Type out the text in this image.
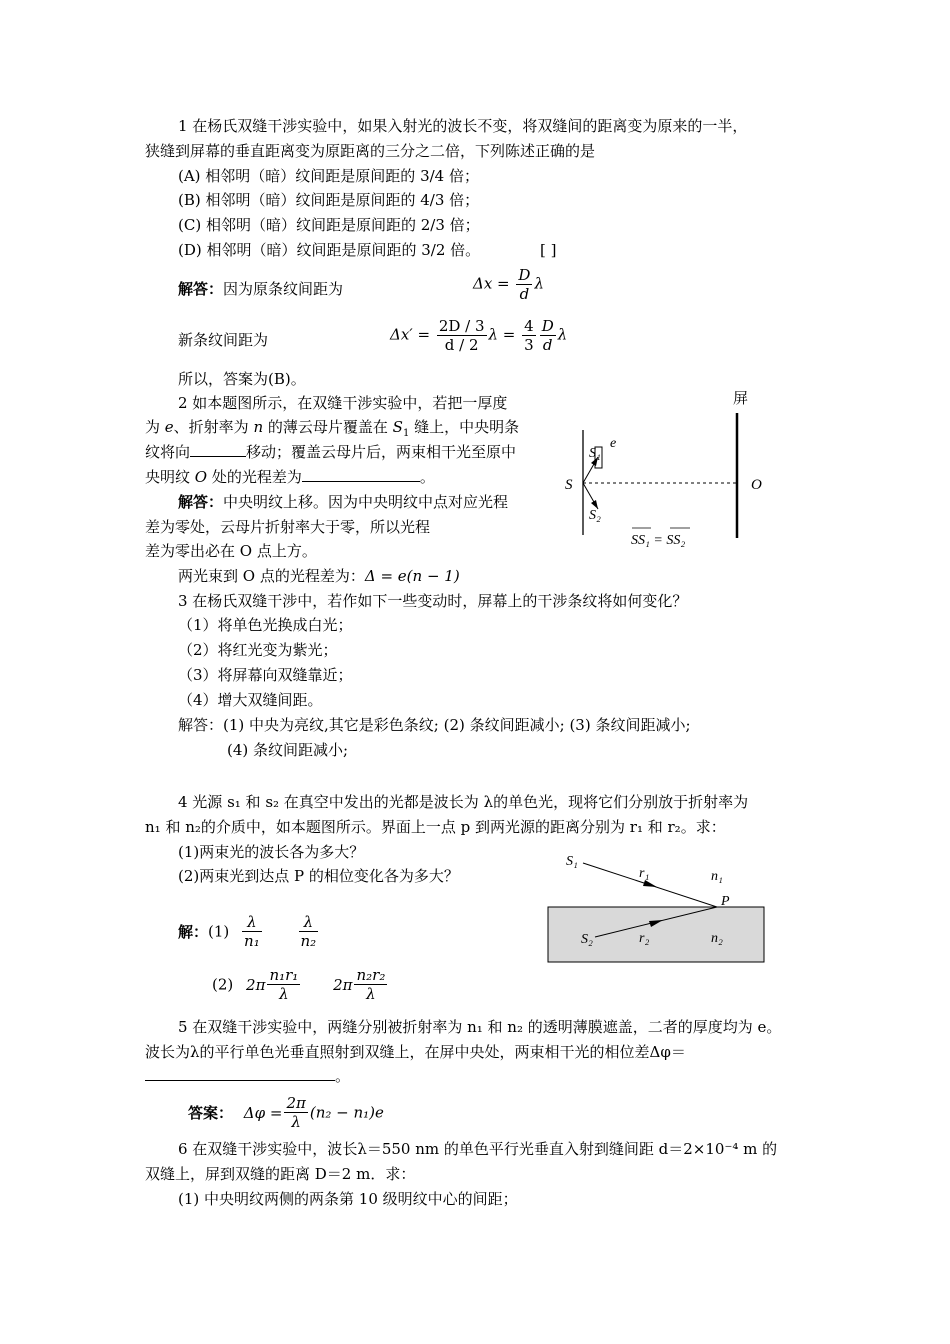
1 在杨氏双缝干涉实验中，如果入射光的波长不变，将双缝间的距离变为原来的一半，
狭缝到屏幕的垂直距离变为原距离的三分之二倍，下列陈述正确的是
(A) 相邻明（暗）纹间距是原间距的 3/4 倍；
(B) 相邻明（暗）纹间距是原间距的 4/3 倍；
(C) 相邻明（暗）纹间距是原间距的 2/3 倍；
(D) 相邻明（暗）纹间距是原间距的 3/2 倍。	[ ]
解答：因为原条纹间距为	$\Delta x = \frac{D}{d}$ λ
新条纹间距为	$\Delta x' = \frac{2D / 3}{d / 2}$ $\lambda = \frac{4}{3} \frac{D}{d}$ λ
所以，答案为(B)。
2 如本题图所示，在双缝干涉实验中，若把一厚度
为 e、折射率为 n 的薄云母片覆盖在 $S_1$ 缝上，中央明条
纹将向	移动；覆盖云母片后，两束相干光至原中
央明纹 O 处的光程差为	。
解答：中央明纹上移。因为中央明纹中点对应光程
差为零处，云母片折射率大于零，所以光程
差为零出必在 O 点上方。
两光束到 O 点的光程差为：Δ = e(n − 1)
屏
S
S₁
e
S₂
O
SS₁ = SS₂
3 在杨氏双缝干涉中，若作如下一些变动时，屏幕上的干涉条纹将如何变化？
（1）将单色光换成白光；
（2）将红光变为紫光；
（3）将屏幕向双缝靠近；
（4）增大双缝间距。
解答：(1) 中央为亮纹,其它是彩色条纹; (2) 条纹间距减小; (3) 条纹间距减小;
(4) 条纹间距减小;
4 光源 s₁ 和 s₂ 在真空中发出的光都是波长为 λ的单色光，现将它们分别放于折射率为
n₁ 和 n₂的介质中，如本题图所示。界面上一点 p 到两光源的距离分别为 r₁ 和 r₂。求：
(1)两束光的波长各为多大？
(2)两束光到达点 P 的相位变化各为多大？
解：$(1) \frac{\lambda}{\text{n₁}}$
$\frac{\lambda}{\text{n₂}}$
(2) $2\pi \frac{\text{n₁r₁}}{\lambda} 2\pi \frac{\text{n₂r₂}}{\lambda}$
S₁
r₁	n₁
P
S₂	r₂	n₂
5 在双缝干涉实验中，两缝分别被折射率为 n₁ 和 n₂ 的透明薄膜遮盖，二者的厚度均为 e。
波长为λ的平行单色光垂直照射到双缝上，在屏中央处，两束相干光的相位差Δφ＝
。
答案： $\Delta\varphi = \frac{2\pi}{\lambda} (n_2 - n_1)e$
6 在双缝干涉实验中，波长λ＝550 nm 的单色平行光垂直入射到缝间距 d＝2×10⁻⁴ m 的
双缝上，屏到双缝的距离 D＝2 m．求：
(1) 中央明纹两侧的两条第 10 级明纹中心的间距；
